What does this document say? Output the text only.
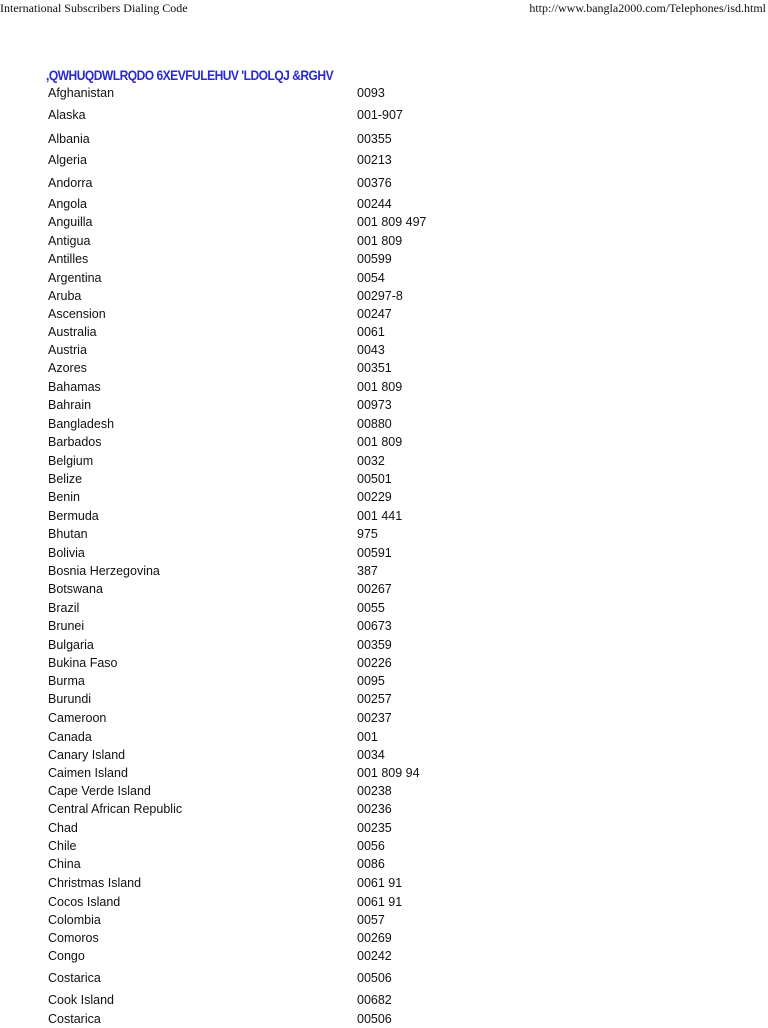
International Subscribers Dialing Code	http://www.bangla2000.com/Telephones/isd.html
,QWHUQDWLRQDO 6XEVFULEHUV 'LDOLQJ &RGHV
Afghanistan	0093
Alaska	001-907
Albania	00355
Algeria	00213
Andorra	00376
Angola	00244
Anguilla	001 809 497
Antigua	001 809
Antilles	00599
Argentina	0054
Aruba	00297-8
Ascension	00247
Australia	0061
Austria	0043
Azores	00351
Bahamas	001 809
Bahrain	00973
Bangladesh	00880
Barbados	001 809
Belgium	0032
Belize	00501
Benin	00229
Bermuda	001 441
Bhutan	975
Bolivia	00591
Bosnia Herzegovina	387
Botswana	00267
Brazil	0055
Brunei	00673
Bulgaria	00359
Bukina Faso	00226
Burma	0095
Burundi	00257
Cameroon	00237
Canada	001
Canary Island	0034
Caimen Island	001 809 94
Cape Verde Island	00238
Central African Republic	00236
Chad	00235
Chile	0056
China	0086
Christmas Island	0061 91
Cocos Island	0061 91
Colombia	0057
Comoros	00269
Congo	00242
Costarica	00506
Cook Island	00682
Costarica	00506
